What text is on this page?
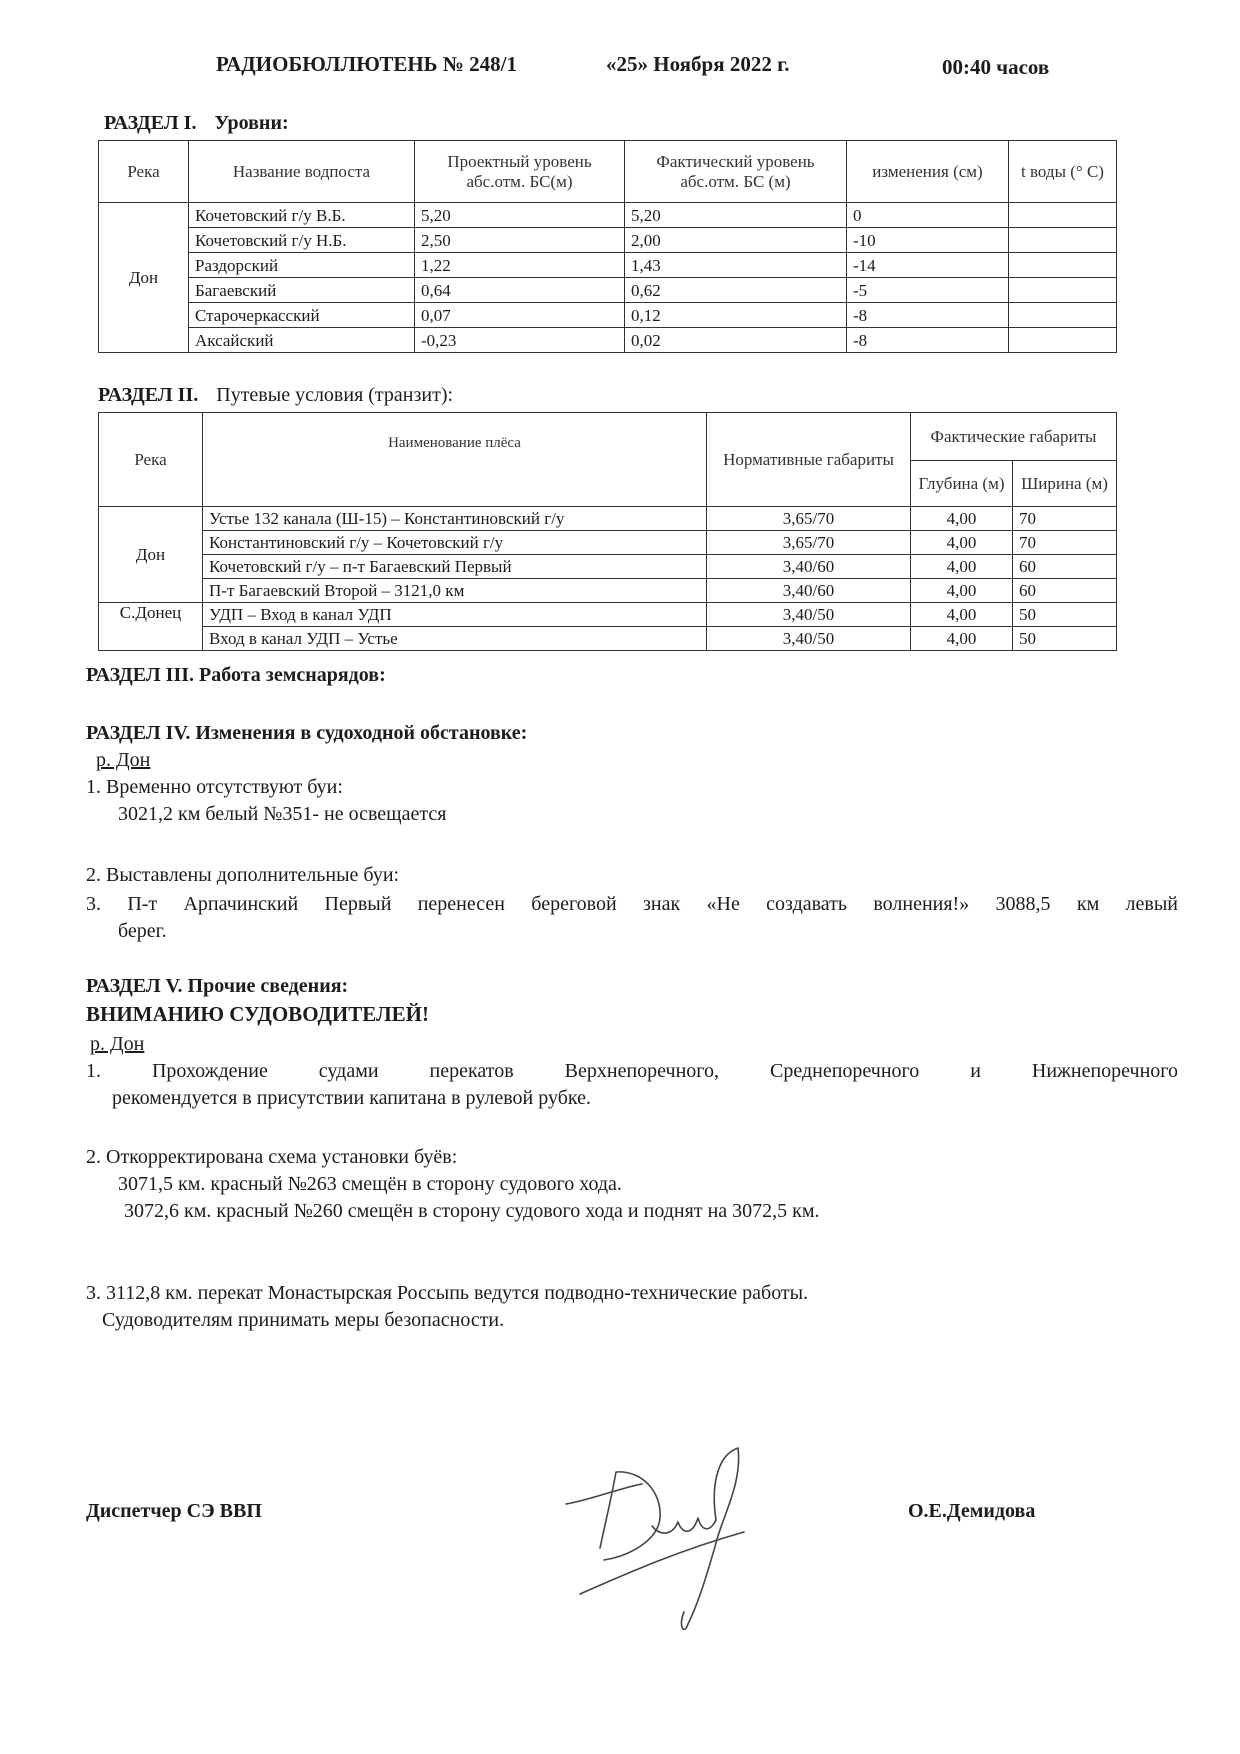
РАДИОБЮЛЛЮТЕНЬ № 248/1	«25» Ноября 2022 г.	00:40 часов
РАЗДЕЛ I. Уровни:
Река	Название водпоста	Проектный уровень абс.отм. БС(м)	Фактический уровень абс.отм. БС (м)	изменения (см)	t воды (° С)
Дон	Кочетовский г/у В.Б.	5,20	5,20	0	
	Кочетовский г/у Н.Б.	2,50	2,00	-10	
	Раздорский	1,22	1,43	-14	
	Багаевский	0,64	0,62	-5	
	Старочеркасский	0,07	0,12	-8	
	Аксайский	-0,23	0,02	-8	
РАЗДЕЛ II. Путевые условия (транзит):
Река	Наименование плёса	Нормативные габариты	Фактические габариты	
			Глубина (м)	Ширина (м)
Дон	Устье 132 канала (Ш-15) – Константиновский г/у	3,65/70	4,00	70
	Константиновский г/у – Кочетовский г/у	3,65/70	4,00	70
	Кочетовский г/у – п-т Багаевский Первый	3,40/60	4,00	60
	П-т Багаевский Второй – 3121,0 км	3,40/60	4,00	60
С.Донец	УДП – Вход в канал УДП	3,40/50	4,00	50
	Вход в канал УДП – Устье	3,40/50	4,00	50
РАЗДЕЛ III. Работа земснарядов:
РАЗДЕЛ IV. Изменения в судоходной обстановке:
р. Дон
1. Временно отсутствуют буи:
3021,2 км белый №351- не освещается
2. Выставлены дополнительные буи:
3. П-т Арпачинский Первый перенесен береговой знак «Не создавать волнения!» 3088,5 км левый
берег.
РАЗДЕЛ V. Прочие сведения:
ВНИМАНИЮ СУДОВОДИТЕЛЕЙ!
р. Дон
1. Прохождение судами перекатов Верхнепоречного, Среднепоречного и Нижнепоречного
рекомендуется в присутствии капитана в рулевой рубке.
2. Откорректирована схема установки буёв:
3071,5 км. красный №263 смещён в сторону судового хода.
3072,6 км. красный №260 смещён в сторону судового хода и поднят на 3072,5 км.
3. 3112,8 км. перекат Монастырская Россыпь ведутся подводно-технические работы.
Судоводителям принимать меры безопасности.
Диспетчер СЭ ВВП	О.Е.Демидова
